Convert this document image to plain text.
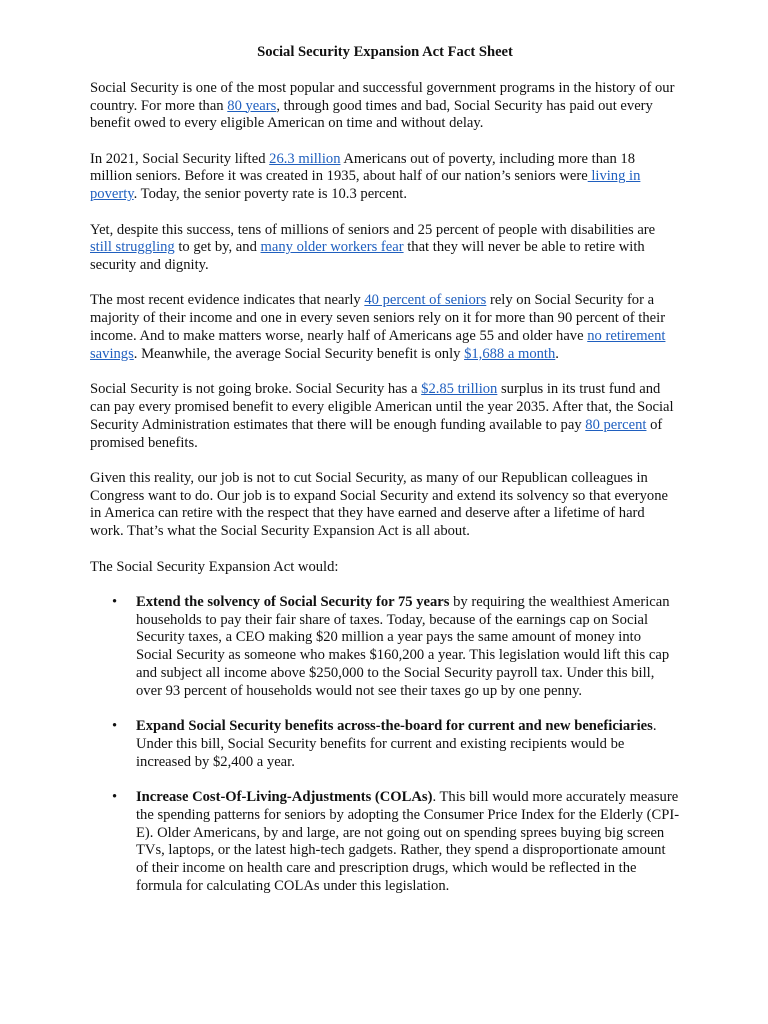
Social Security Expansion Act Fact Sheet

Social Security is one of the most popular and successful government programs in the history of our country. For more than 80 years, through good times and bad, Social Security has paid out every benefit owed to every eligible American on time and without delay.

In 2021, Social Security lifted 26.3 million Americans out of poverty, including more than 18 million seniors. Before it was created in 1935, about half of our nation’s seniors were living in poverty. Today, the senior poverty rate is 10.3 percent.

Yet, despite this success, tens of millions of seniors and 25 percent of people with disabilities are still struggling to get by, and many older workers fear that they will never be able to retire with security and dignity.

The most recent evidence indicates that nearly 40 percent of seniors rely on Social Security for a majority of their income and one in every seven seniors rely on it for more than 90 percent of their income. And to make matters worse, nearly half of Americans age 55 and older have no retirement savings. Meanwhile, the average Social Security benefit is only $1,688 a month.

Social Security is not going broke. Social Security has a $2.85 trillion surplus in its trust fund and can pay every promised benefit to every eligible American until the year 2035. After that, the Social Security Administration estimates that there will be enough funding available to pay 80 percent of promised benefits.

Given this reality, our job is not to cut Social Security, as many of our Republican colleagues in Congress want to do. Our job is to expand Social Security and extend its solvency so that everyone in America can retire with the respect that they have earned and deserve after a lifetime of hard work. That’s what the Social Security Expansion Act is all about.

The Social Security Expansion Act would:

• Extend the solvency of Social Security for 75 years by requiring the wealthiest American households to pay their fair share of taxes. Today, because of the earnings cap on Social Security taxes, a CEO making $20 million a year pays the same amount of money into Social Security as someone who makes $160,200 a year. This legislation would lift this cap and subject all income above $250,000 to the Social Security payroll tax. Under this bill, over 93 percent of households would not see their taxes go up by one penny.
• Expand Social Security benefits across-the-board for current and new beneficiaries. Under this bill, Social Security benefits for current and existing recipients would be increased by $2,400 a year.
• Increase Cost-Of-Living-Adjustments (COLAs). This bill would more accurately measure the spending patterns for seniors by adopting the Consumer Price Index for the Elderly (CPI-E). Older Americans, by and large, are not going out on spending sprees buying big screen TVs, laptops, or the latest high-tech gadgets. Rather, they spend a disproportionate amount of their income on health care and prescription drugs, which would be reflected in the formula for calculating COLAs under this legislation.
